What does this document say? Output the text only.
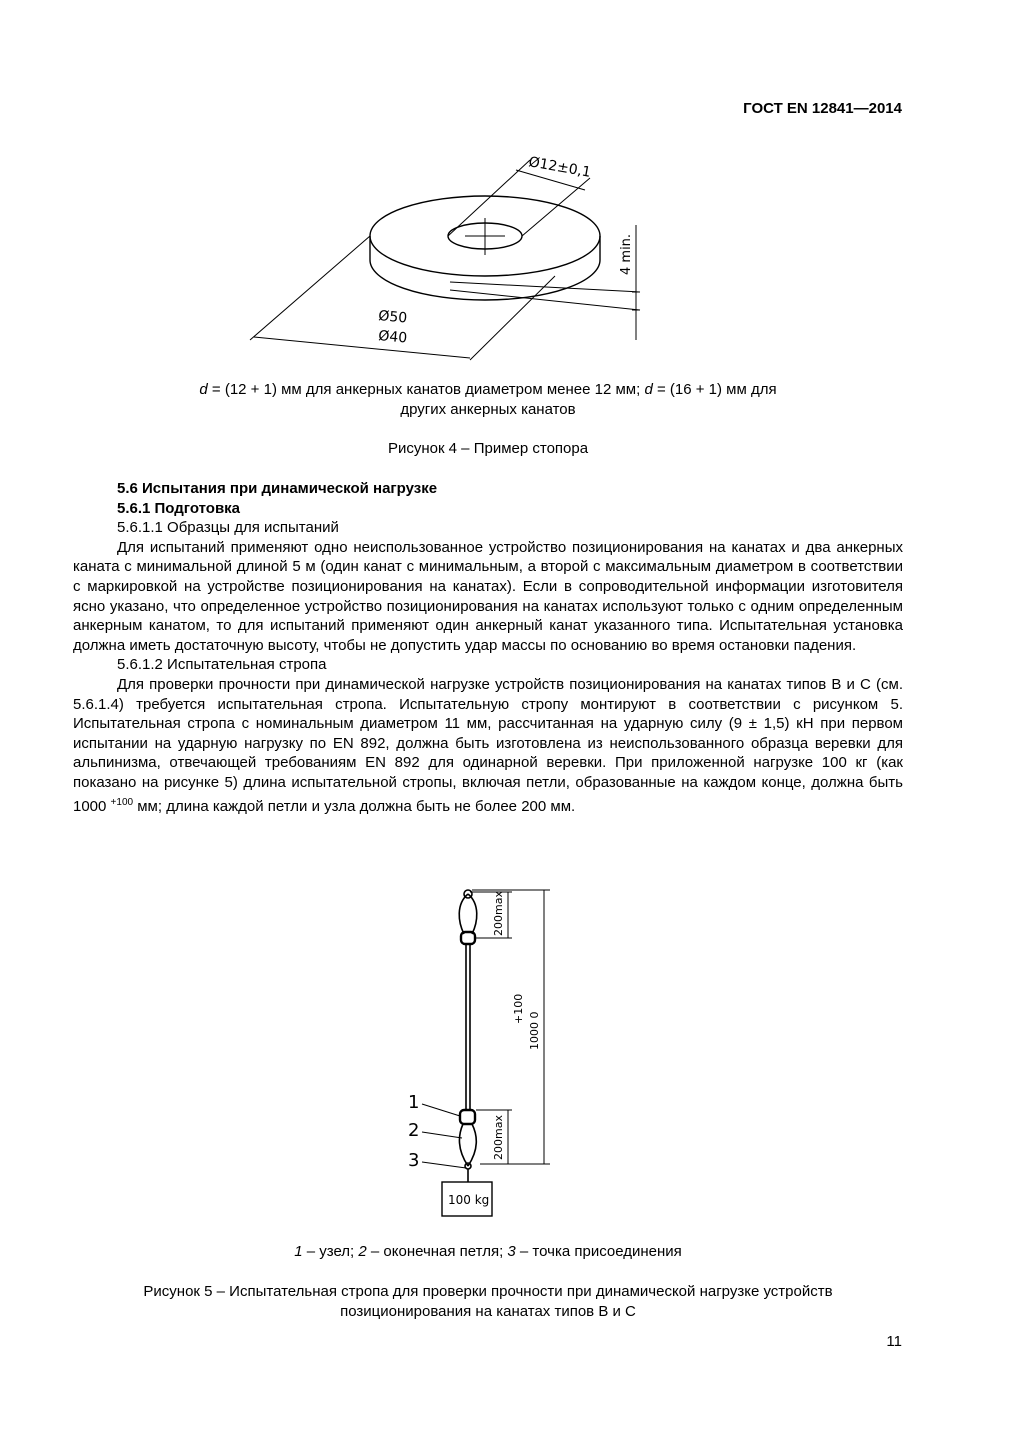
ГОСТ EN 12841—2014
Ø12±0,1
Ø50
Ø40
4 min.
d = (12 + 1) мм для анкерных канатов диаметром менее 12 мм; d = (16 + 1) мм для
других анкерных канатов
Рисунок 4 – Пример стопора
5.6 Испытания при динамической нагрузке
5.6.1 Подготовка
5.6.1.1 Образцы для испытаний
Для испытаний применяют одно неиспользованное устройство позиционирования на канатах и два анкерных каната с минимальной длиной 5 м (один канат с минимальным, а второй с максимальным диаметром в соответствии с маркировкой на устройстве позиционирования на канатах). Если в сопроводительной информации изготовителя ясно указано, что определенное устройство позиционирования на канатах используют только с одним определенным анкерным канатом, то для испытаний применяют один анкерный канат указанного типа. Испытательная установка должна иметь достаточную высоту, чтобы не допустить удар массы по основанию во время остановки падения.
5.6.1.2 Испытательная стропа
Для проверки прочности при динамической нагрузке устройств позиционирования на канатах типов В и С (см. 5.6.1.4) требуется испытательная стропа. Испытательную стропу монтируют в соответствии с рисунком 5. Испытательная стропа с номинальным диаметром 11 мм, рассчитанная на ударную силу (9 ± 1,5) кН при первом испытании на ударную нагрузку по EN 892, должна быть изготовлена из неиспользованного образца веревки для альпинизма, отвечающей требованиям EN 892 для одинарной веревки. При приложенной нагрузке 100 кг (как показано на рисунке 5) длина испытательной стропы, включая петли, образованные на каждом конце, должна быть 1000 $^{+100}$ мм; длина каждой петли и узла должна быть не более 200 мм.
200max
200max
+100
1000 0
1
2
3
100 kg
1 – узел; 2 – оконечная петля; 3 – точка присоединения
Рисунок 5 – Испытательная стропа для проверки прочности при динамической нагрузке устройств
позиционирования на канатах типов В и С
11
